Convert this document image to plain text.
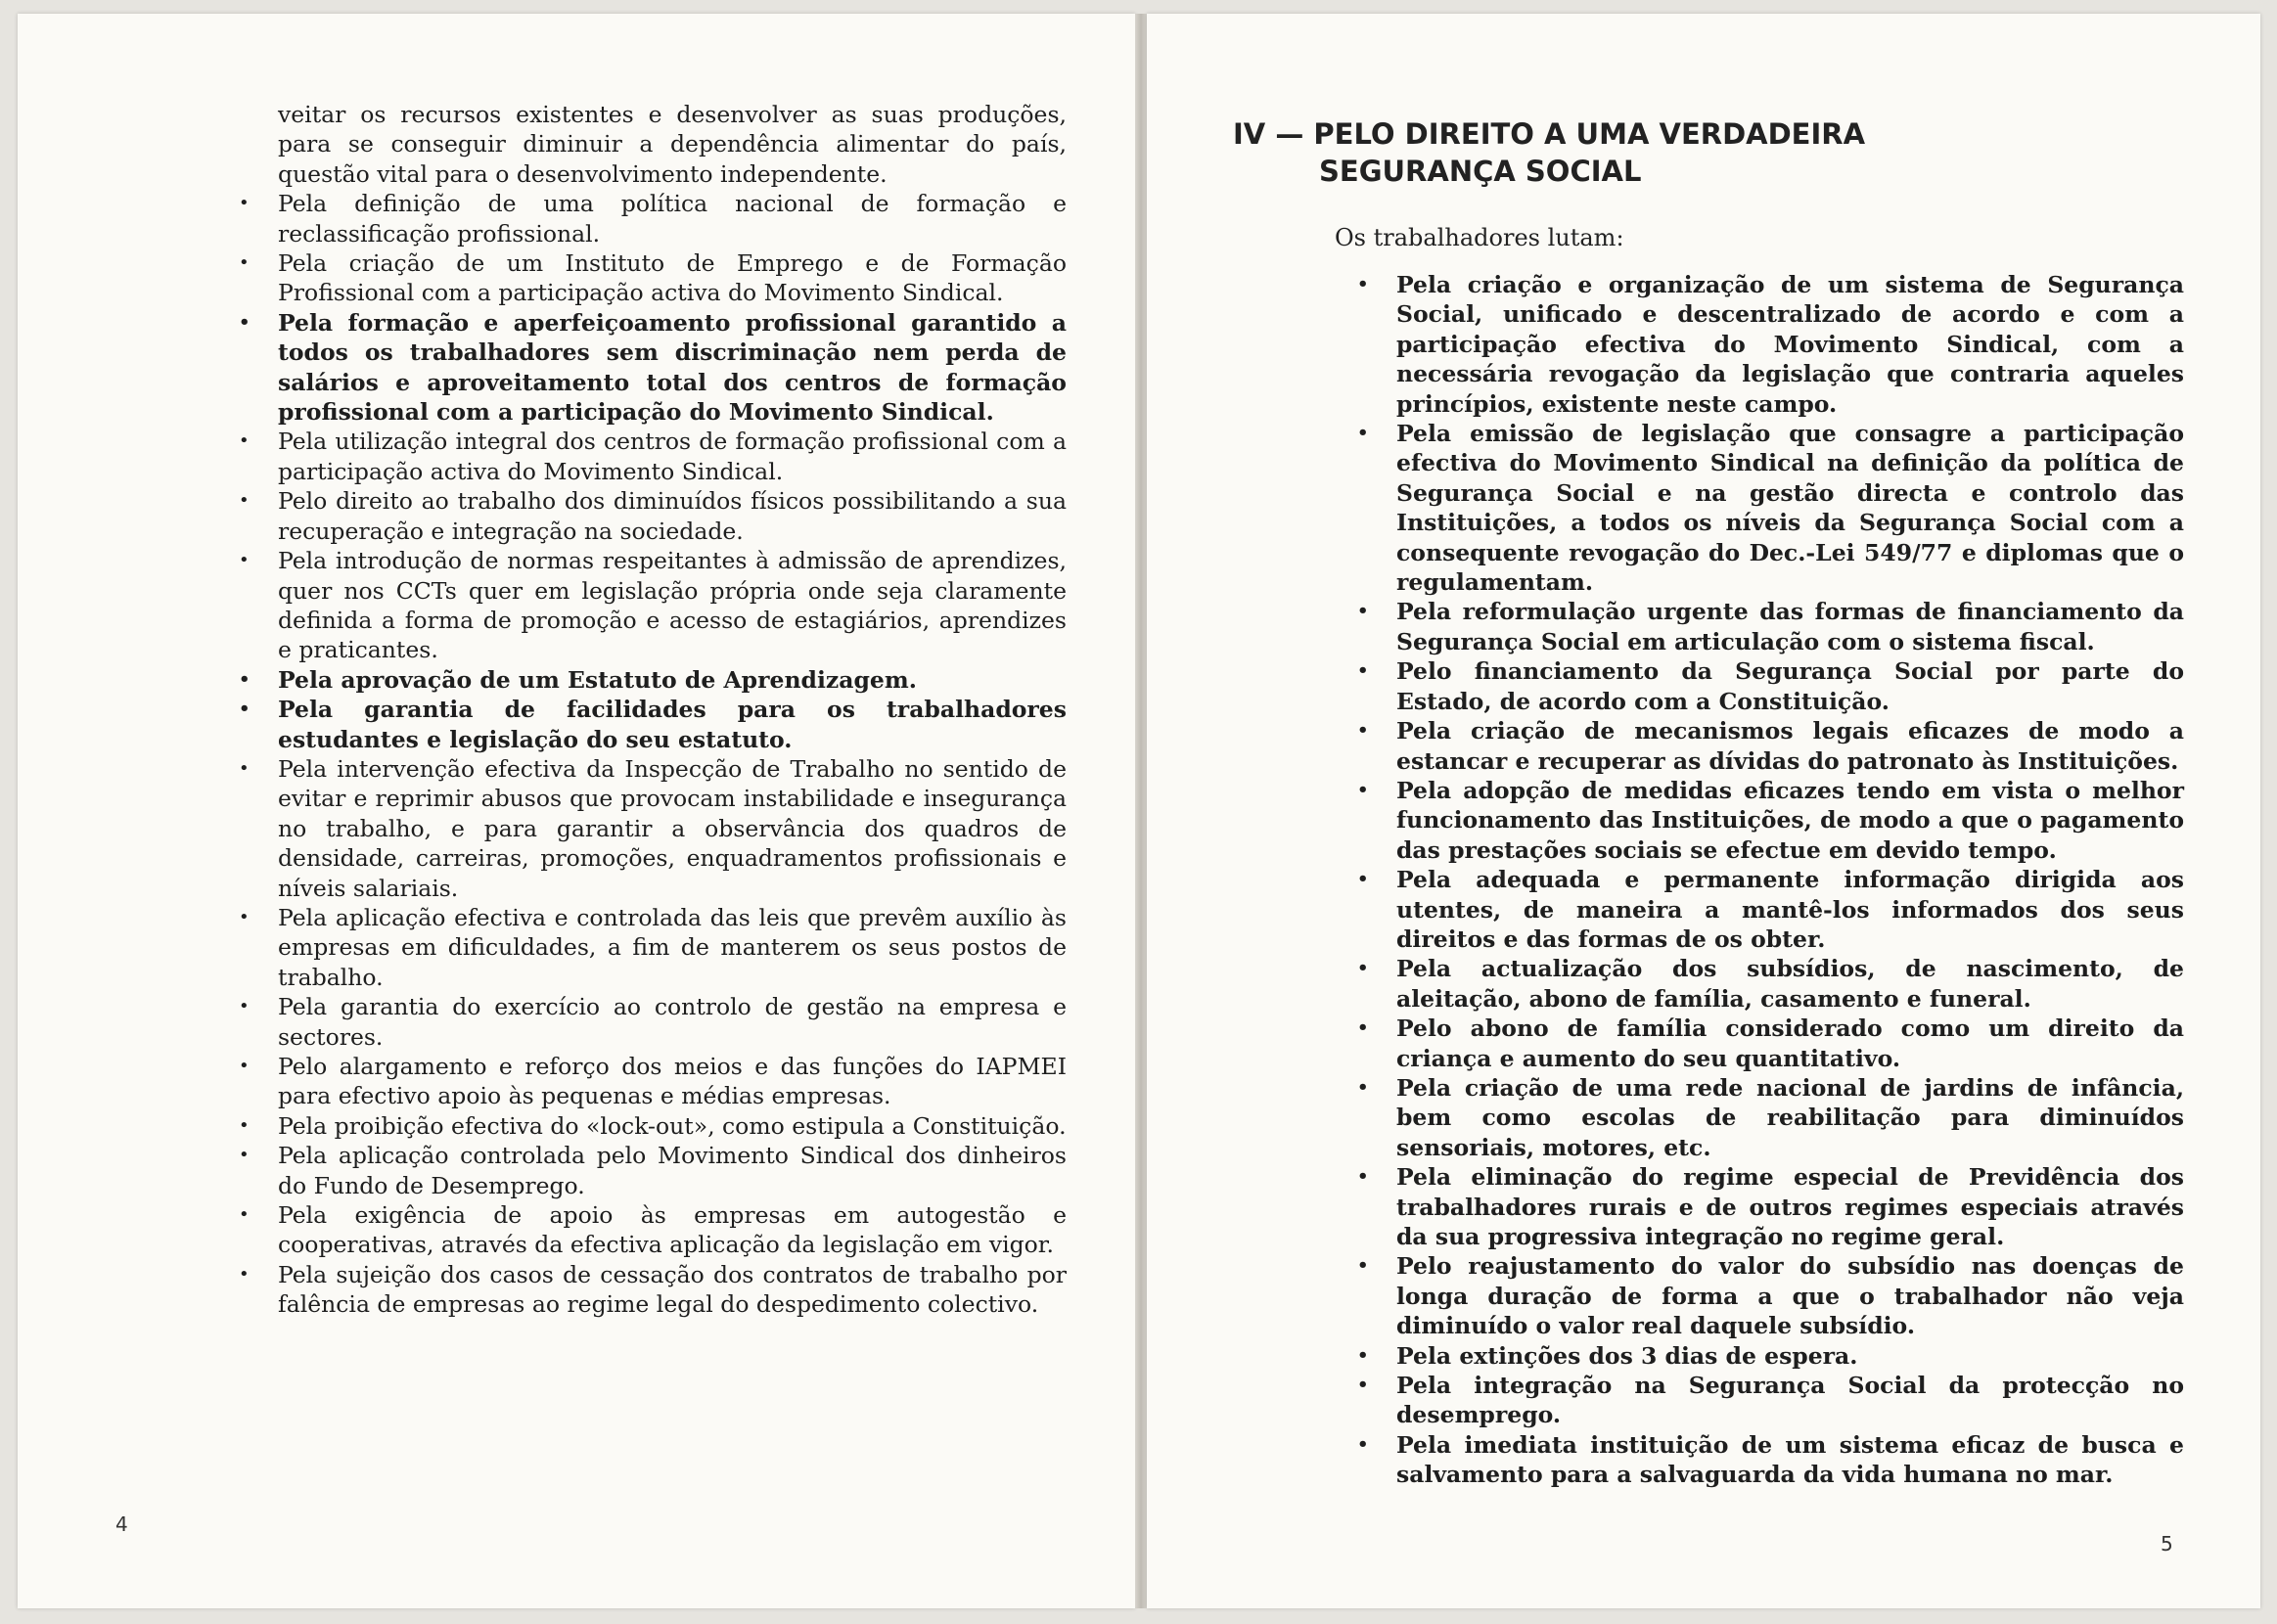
veitar os recursos existentes e desenvolver as suas produções, para se conseguir diminuir a dependência alimentar do país, questão vital para o desenvolvimento independente.
• Pela definição de uma política nacional de formação e reclassificação profissional.
• Pela criação de um Instituto de Emprego e de Formação Profissional com a participação activa do Movimento Sindical.
• Pela formação e aperfeiçoamento profissional garantido a todos os trabalhadores sem discriminação nem perda de salários e aproveitamento total dos centros de formação profissional com a participação do Movimento Sindical.
• Pela utilização integral dos centros de formação profissional com a participação activa do Movimento Sindical.
• Pelo direito ao trabalho dos diminuídos físicos possibilitando a sua recuperação e integração na sociedade.
• Pela introdução de normas respeitantes à admissão de aprendizes, quer nos CCTs quer em legislação própria onde seja claramente definida a forma de promoção e acesso de estagiários, aprendizes e praticantes.
• Pela aprovação de um Estatuto de Aprendizagem.
• Pela garantia de facilidades para os trabalhadores estudantes e legislação do seu estatuto.
• Pela intervenção efectiva da Inspecção de Trabalho no sentido de evitar e reprimir abusos que provocam instabilidade e insegurança no trabalho, e para garantir a observância dos quadros de densidade, carreiras, promoções, enquadramentos profissionais e níveis salariais.
• Pela aplicação efectiva e controlada das leis que prevêm auxílio às empresas em dificuldades, a fim de manterem os seus postos de trabalho.
• Pela garantia do exercício ao controlo de gestão na empresa e sectores.
• Pelo alargamento e reforço dos meios e das funções do IAPMEI para efectivo apoio às pequenas e médias empresas.
• Pela proibição efectiva do «lock-out», como estipula a Constituição.
• Pela aplicação controlada pelo Movimento Sindical dos dinheiros do Fundo de Desemprego.
• Pela exigência de apoio às empresas em autogestão e cooperativas, através da efectiva aplicação da legislação em vigor.
• Pela sujeição dos casos de cessação dos contratos de trabalho por falência de empresas ao regime legal do despedimento colectivo.
4
IV — PELO DIREITO A UMA VERDADEIRA
SEGURANÇA SOCIAL
Os trabalhadores lutam:
• Pela criação e organização de um sistema de Segurança Social, unificado e descentralizado de acordo e com a participação efectiva do Movimento Sindical, com a necessária revogação da legislação que contraria aqueles princípios, existente neste campo.
• Pela emissão de legislação que consagre a participação efectiva do Movimento Sindical na definição da política de Segurança Social e na gestão directa e controlo das Instituições, a todos os níveis da Segurança Social com a consequente revogação do Dec.-Lei 549/77 e diplomas que o regulamentam.
• Pela reformulação urgente das formas de financiamento da Segurança Social em articulação com o sistema fiscal.
• Pelo financiamento da Segurança Social por parte do Estado, de acordo com a Constituição.
• Pela criação de mecanismos legais eficazes de modo a estancar e recuperar as dívidas do patronato às Instituições.
• Pela adopção de medidas eficazes tendo em vista o melhor funcionamento das Instituições, de modo a que o pagamento das prestações sociais se efectue em devido tempo.
• Pela adequada e permanente informação dirigida aos utentes, de maneira a mantê-los informados dos seus direitos e das formas de os obter.
• Pela actualização dos subsídios, de nascimento, de aleitação, abono de família, casamento e funeral.
• Pelo abono de família considerado como um direito da criança e aumento do seu quantitativo.
• Pela criação de uma rede nacional de jardins de infância, bem como escolas de reabilitação para diminuídos sensoriais, motores, etc.
• Pela eliminação do regime especial de Previdência dos trabalhadores rurais e de outros regimes especiais através da sua progressiva integração no regime geral.
• Pelo reajustamento do valor do subsídio nas doenças de longa duração de forma a que o trabalhador não veja diminuído o valor real daquele subsídio.
• Pela extinções dos 3 dias de espera.
• Pela integração na Segurança Social da protecção no desemprego.
• Pela imediata instituição de um sistema eficaz de busca e salvamento para a salvaguarda da vida humana no mar.
5
